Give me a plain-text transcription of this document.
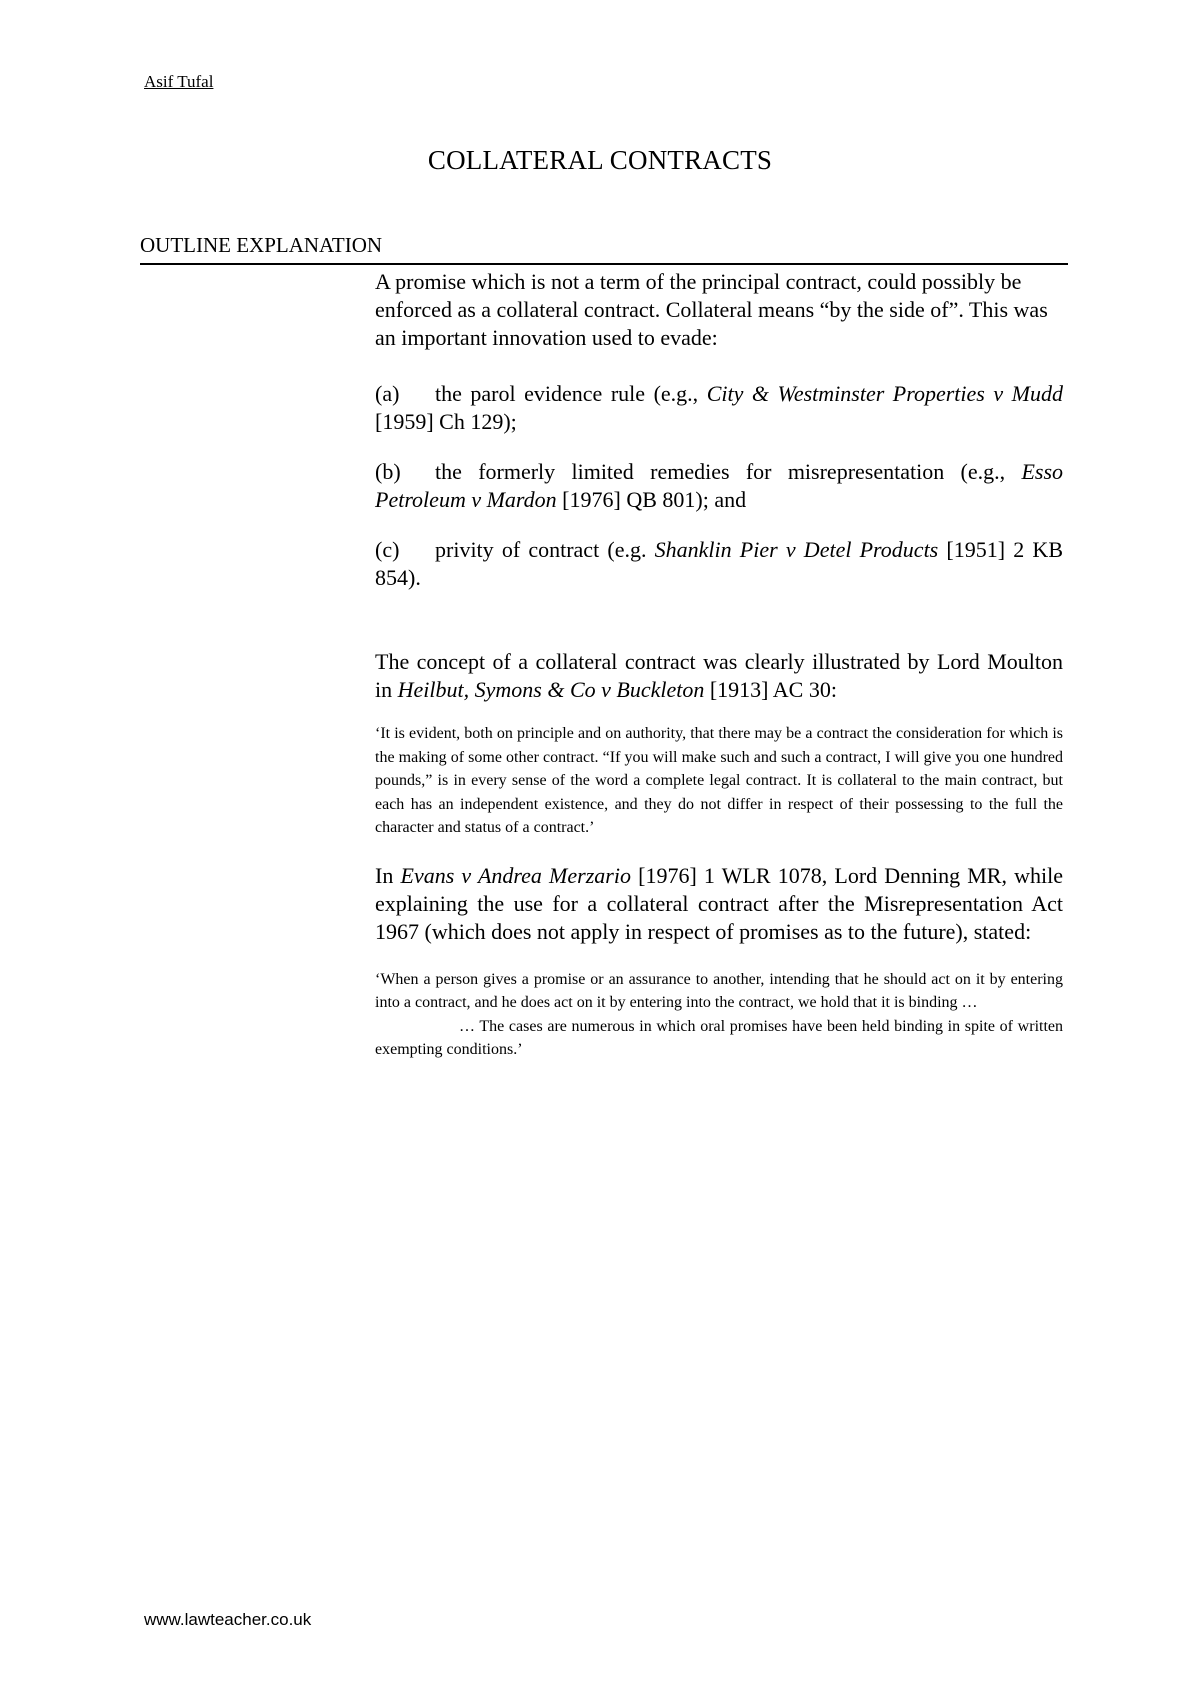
Asif Tufal
COLLATERAL CONTRACTS
OUTLINE EXPLANATION

A promise which is not a term of the principal contract, could possibly be enforced as a collateral contract. Collateral means “by the side of”. This was an important innovation used to evade:

(a) the parol evidence rule (e.g., City & Westminster Properties v Mudd [1959] Ch 129);

(b) the formerly limited remedies for misrepresentation (e.g., Esso Petroleum v Mardon [1976] QB 801); and

(c) privity of contract (e.g. Shanklin Pier v Detel Products [1951] 2 KB 854).

The concept of a collateral contract was clearly illustrated by Lord Moulton in Heilbut, Symons & Co v Buckleton [1913] AC 30:

‘It is evident, both on principle and on authority, that there may be a contract the consideration for which is the making of some other contract. “If you will make such and such a contract, I will give you one hundred pounds,” is in every sense of the word a complete legal contract. It is collateral to the main contract, but each has an independent existence, and they do not differ in respect of their possessing to the full the character and status of a contract.’

In Evans v Andrea Merzario [1976] 1 WLR 1078, Lord Denning MR, while explaining the use for a collateral contract after the Misrepresentation Act 1967 (which does not apply in respect of promises as to the future), stated:

‘When a person gives a promise or an assurance to another, intending that he should act on it by entering into a contract, and he does act on it by entering into the contract, we hold that it is binding …

… The cases are numerous in which oral promises have been held binding in spite of written exempting conditions.’

www.lawteacher.co.uk
